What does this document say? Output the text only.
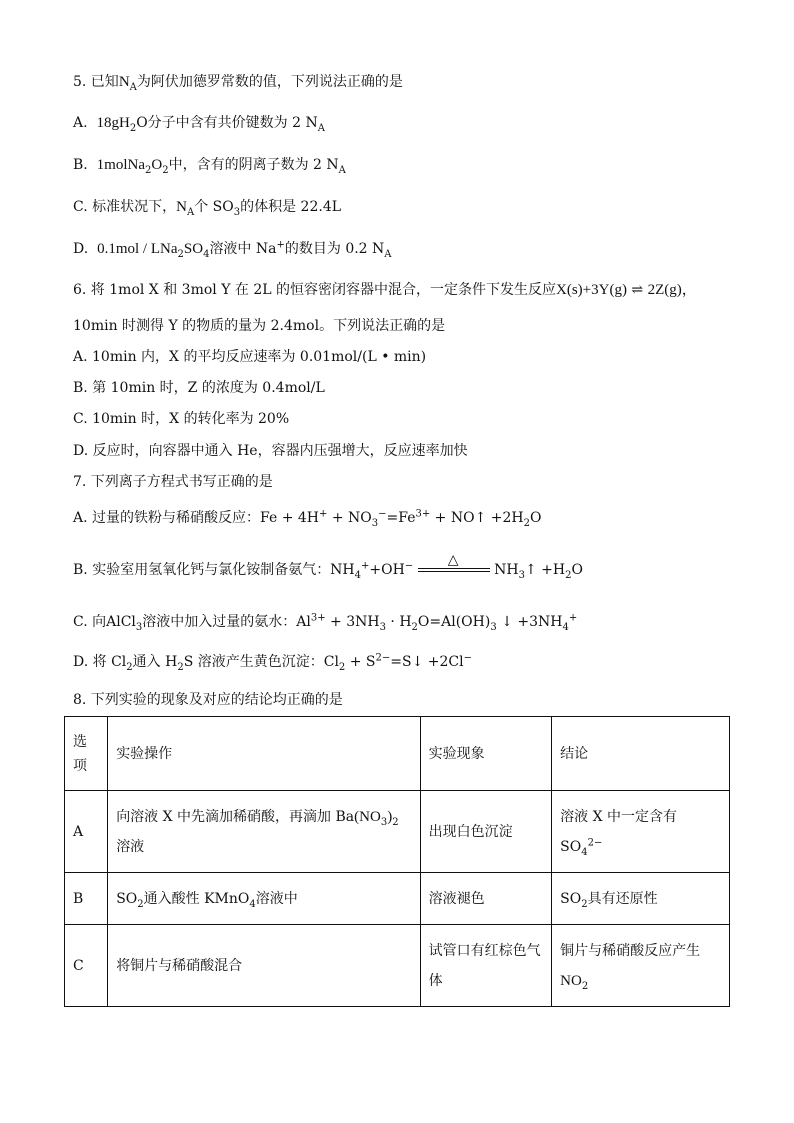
5. 已知$N_A$为阿伏加德罗常数的值，下列说法正确的是
A. $18gH_2O$分子中含有共价键数为 2 $N_A$
B. $1molNa_2O_2$中，含有的阴离子数为 2 $N_A$
C. 标准状况下，$N_A$个 $SO_3$的体积是 22.4L
D. $0.1mol / LNa_2SO_4$溶液中 Na+的数目为 0.2 $N_A$
6. 将 1mol X 和 3mol Y 在 2L 的恒容密闭容器中混合，一定条件下发生反应X(s)+3Y(g) ⇌ 2Z(g)，
10min 时测得 Y 的物质的量为 2.4mol。下列说法正确的是
A. 10min 内，X 的平均反应速率为 0.01mol/(L • min)
B. 第 10min 时，Z 的浓度为 0.4mol/L
C. 10min 时，X 的转化率为 20%
D. 反应时，向容器中通入 He，容器内压强增大，反应速率加快
7. 下列离子方程式书写正确的是
A. 过量的铁粉与稀硝酸反应：$Fe + 4H^+ + NO_3^-=Fe^{3+}$ + NO↑ $+2H_2O$
B. 实验室用氢氧化钙与氯化铵制备氨气：$NH_4^++OH^-$ △
$NH_3↑ +H_2O$
C. 向AlCl$_3$溶液中加入过量的氨水：$Al^{3+} + 3NH_3 \cdot H_2O=Al(OH)_3$ ↓ $+3NH_4^+$
D. 将 $Cl_2$通入 $H_2S$ 溶液产生黄色沉淀：$Cl_2$ + $S^{2-}=S↓ +2Cl^-$
8. 下列实验的现象及对应的结论均正确的是
选项	实验操作	实验现象	结论
A	向溶液 X 中先滴加稀硝酸，再滴加 $Ba(NO_3)_2$
溶液	出现白色沉淀	溶液 X 中一定含有 $SO_4^{2-}$
B	$SO_2$通入酸性 KMnO$_4$溶液中	溶液褪色	$SO_2$具有还原性
C	将铜片与稀硝酸混合	试管口有红棕色气体	铜片与稀硝酸反应产生
$NO_2$
